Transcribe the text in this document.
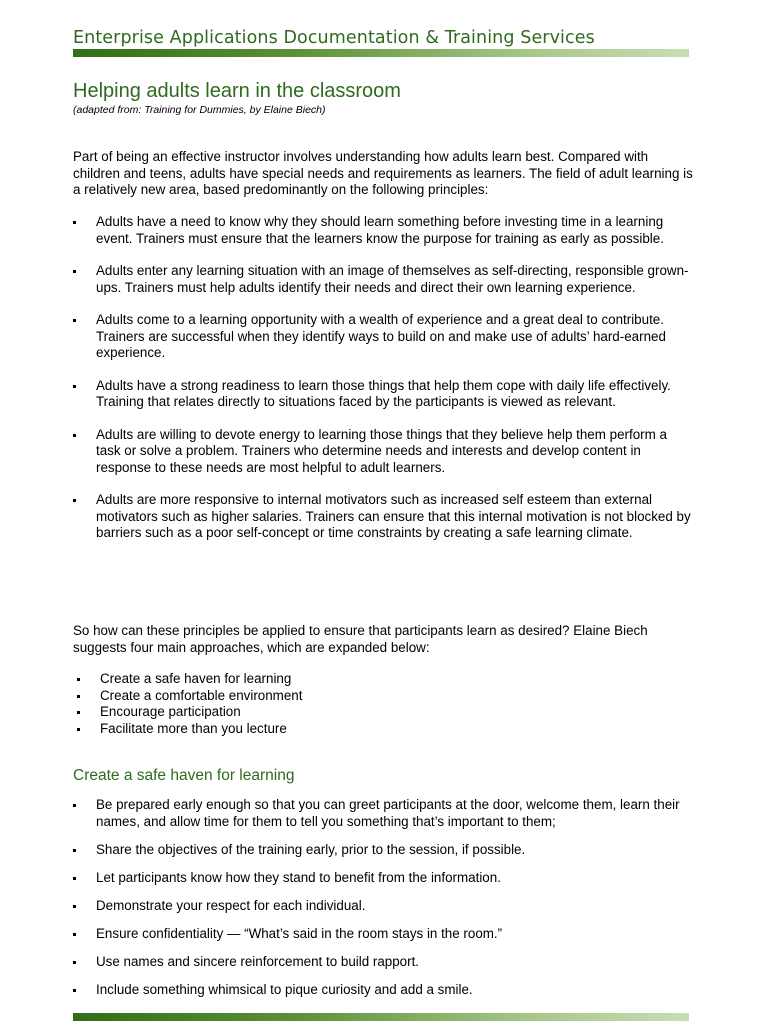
Enterprise Applications Documentation & Training Services
Helping adults learn in the classroom
(adapted from: Training for Dummies, by Elaine Biech)

Part of being an effective instructor involves understanding how adults learn best. Compared with children and teens, adults have special needs and requirements as learners. The field of adult learning is a relatively new area, based predominantly on the following principles:

Adults have a need to know why they should learn something before investing time in a learning event. Trainers must ensure that the learners know the purpose for training as early as possible.
Adults enter any learning situation with an image of themselves as self-directing, responsible grown-ups. Trainers must help adults identify their needs and direct their own learning experience.
Adults come to a learning opportunity with a wealth of experience and a great deal to contribute. Trainers are successful when they identify ways to build on and make use of adults’ hard-earned experience.
Adults have a strong readiness to learn those things that help them cope with daily life effectively. Training that relates directly to situations faced by the participants is viewed as relevant.
Adults are willing to devote energy to learning those things that they believe help them perform a task or solve a problem. Trainers who determine needs and interests and develop content in response to these needs are most helpful to adult learners.
Adults are more responsive to internal motivators such as increased self esteem than external motivators such as higher salaries. Trainers can ensure that this internal motivation is not blocked by barriers such as a poor self-concept or time constraints by creating a safe learning climate.

So how can these principles be applied to ensure that participants learn as desired? Elaine Biech suggests four main approaches, which are expanded below:

Create a safe haven for learning
Create a comfortable environment
Encourage participation
Facilitate more than you lecture
Create a safe haven for learning
Be prepared early enough so that you can greet participants at the door, welcome them, learn their names, and allow time for them to tell you something that’s important to them;
Share the objectives of the training early, prior to the session, if possible.
Let participants know how they stand to benefit from the information.
Demonstrate your respect for each individual.
Ensure confidentiality — “What’s said in the room stays in the room.”
Use names and sincere reinforcement to build rapport.
Include something whimsical to pique curiosity and add a smile.
